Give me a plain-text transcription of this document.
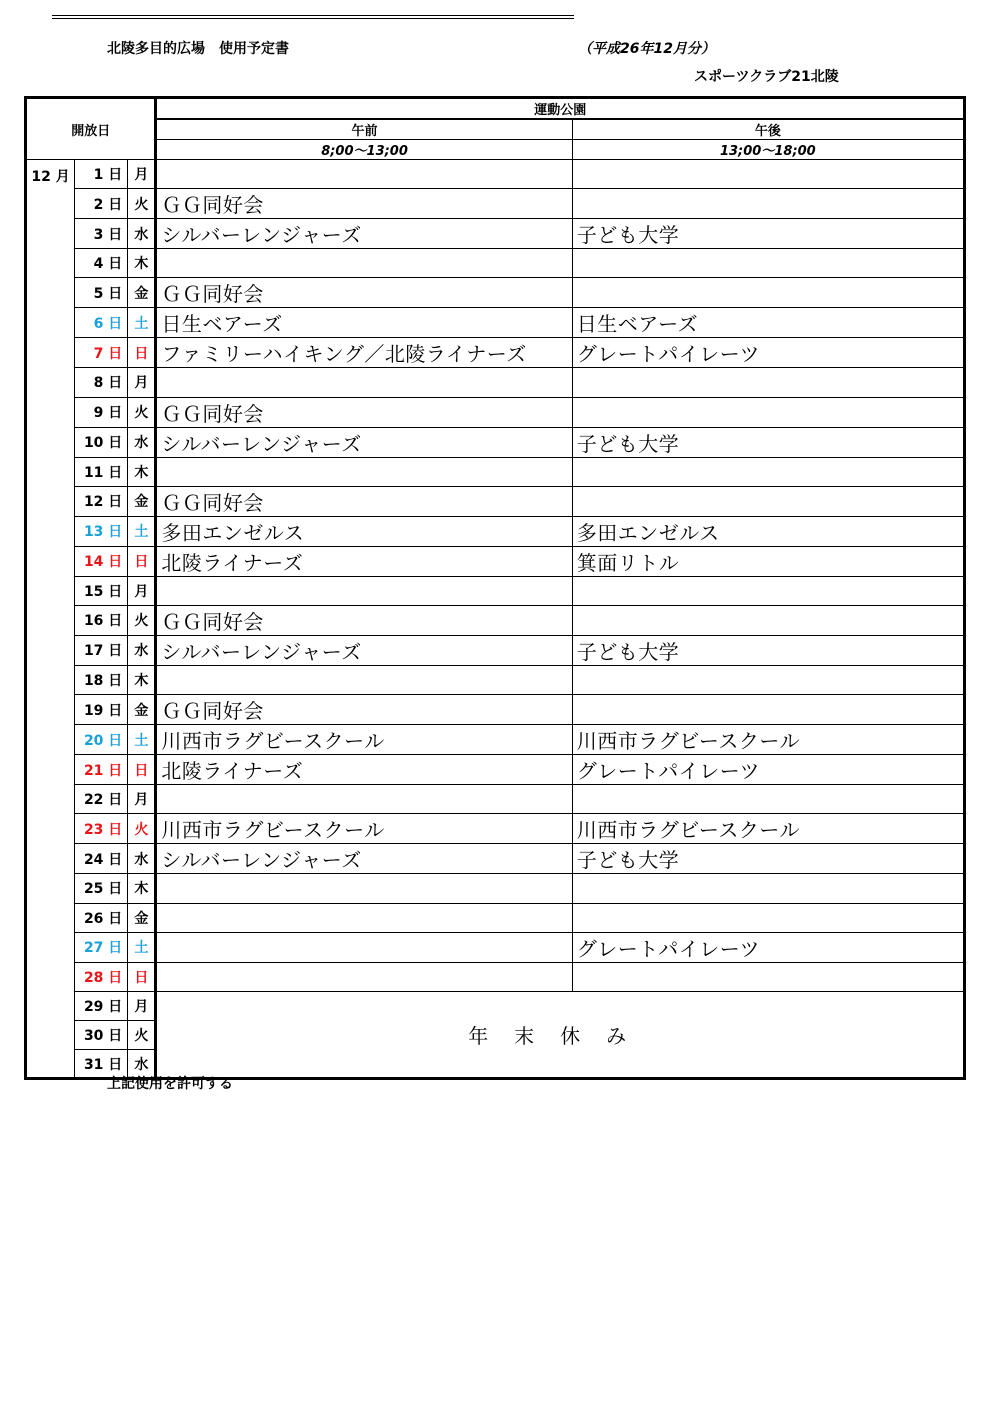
北陵多目的広場　使用予定書	（平成26年12月分）
スポーツクラブ21北陵
開放日			運動公園	
			午前	午後
			8;00～13;00	13;00～18;00
12 月	1 日	月		
	2 日	火	ＧＧ同好会	
	3 日	水	シルバーレンジャーズ	子ども大学
	4 日	木		
	5 日	金	ＧＧ同好会	
	6 日	土	日生ベアーズ	日生ベアーズ
	7 日	日	ファミリーハイキング／北陵ライナーズ	グレートパイレーツ
	8 日	月		
	9 日	火	ＧＧ同好会	
	10 日	水	シルバーレンジャーズ	子ども大学
	11 日	木		
	12 日	金	ＧＧ同好会	
	13 日	土	多田エンゼルス	多田エンゼルス
	14 日	日	北陵ライナーズ	箕面リトル
	15 日	月		
	16 日	火	ＧＧ同好会	
	17 日	水	シルバーレンジャーズ	子ども大学
	18 日	木		
	19 日	金	ＧＧ同好会	
	20 日	土	川西市ラグビースクール	川西市ラグビースクール
	21 日	日	北陵ライナーズ	グレートパイレーツ
	22 日	月		
	23 日	火	川西市ラグビースクール	川西市ラグビースクール
	24 日	水	シルバーレンジャーズ	子ども大学
	25 日	木		
	26 日	金		
	27 日	土		グレートパイレーツ
	28 日	日		
	29 日	月	年末休み	
	30 日	火		
	31 日	水		
上記使用を許可する
